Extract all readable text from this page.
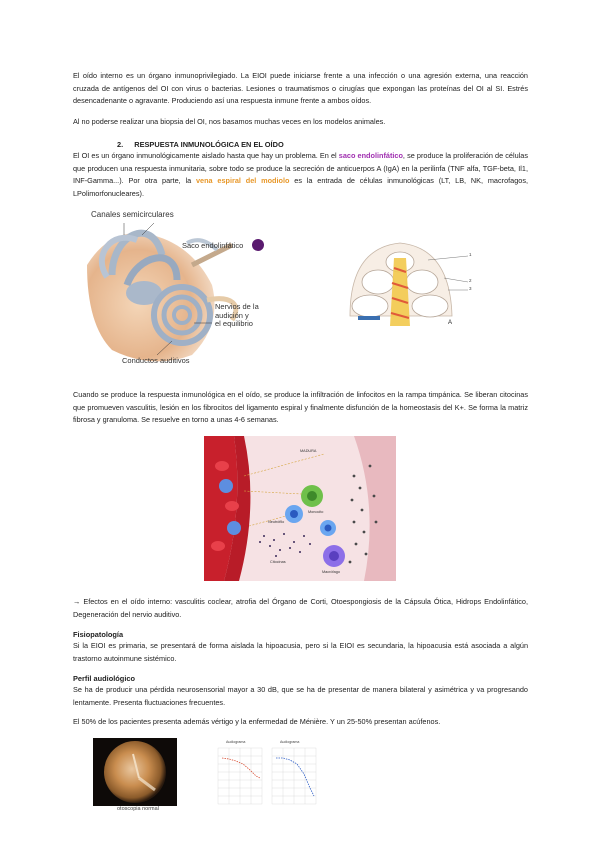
El oído interno es un órgano inmunoprivilegiado. La EIOI puede iniciarse frente a una infección o una agresión externa, una reacción cruzada de antígenos del OI con virus o bacterias. Lesiones o traumatismos o cirugías que expongan las proteínas del OI al SI. Estrés desencadenante o agravante. Produciendo así una respuesta inmune frente a ambos oídos.

Al no poderse realizar una biopsia del OI, nos basamos muchas veces en los modelos animales.

2. RESPUESTA INMUNOLÓGICA EN EL OÍDO

El OI es un órgano inmunológicamente aislado hasta que hay un problema. En el saco endolinfático, se produce la proliferación de células que producen una respuesta inmunitaria, sobre todo se produce la secreción de anticuerpos A (IgA) en la perilinfa (TNF alfa, TGF-beta, Il1, INF-Gamma...). Por otra parte, la vena espiral del modiolo es la entrada de células inmunológicas (LT, LB, NK, macrofagos, LPolimorfonucleares).

Canales semicirculares
Saco endolinfático
Nervios de la
audición y
el equilibrio
Conductos auditivos
1
2
3
A

Cuando se produce la respuesta inmunológica en el oído, se produce la infiltración de linfocitos en la rampa timpánica. Se liberan citocinas que promueven vasculitis, lesión en los fibrocitos del ligamento espiral y finalmente disfunción de la homeostasis del K+. Se forma la matriz fibrosa y granuloma. Se resuelve en torno a unas 4-6 semanas.

MADURA
Monocito
Neutrófilo
Citocinas
Macrófago

→ Efectos en el oído interno: vasculitis coclear, atrofia del Órgano de Corti, Otoespongiosis de la Cápsula Ótica, Hidrops Endolinfático, Degeneración del nervio auditivo.

Fisiopatología

Si la EIOI es primaria, se presentará de forma aislada la hipoacusia, pero si la EIOI es secundaria, la hipoacusia está asociada a algún trastorno autoinmune sistémico.

Perfil audiológico

Se ha de producir una pérdida neurosensorial mayor a 30 dB, que se ha de presentar de manera bilateral y asimétrica y va progresando lentamente. Presenta fluctuaciones frecuentes.

El 50% de los pacientes presenta además vértigo y la enfermedad de Ménière. Y un 25-50% presentan acúfenos.

otoscopia normal
Audiograma	Audiograma
